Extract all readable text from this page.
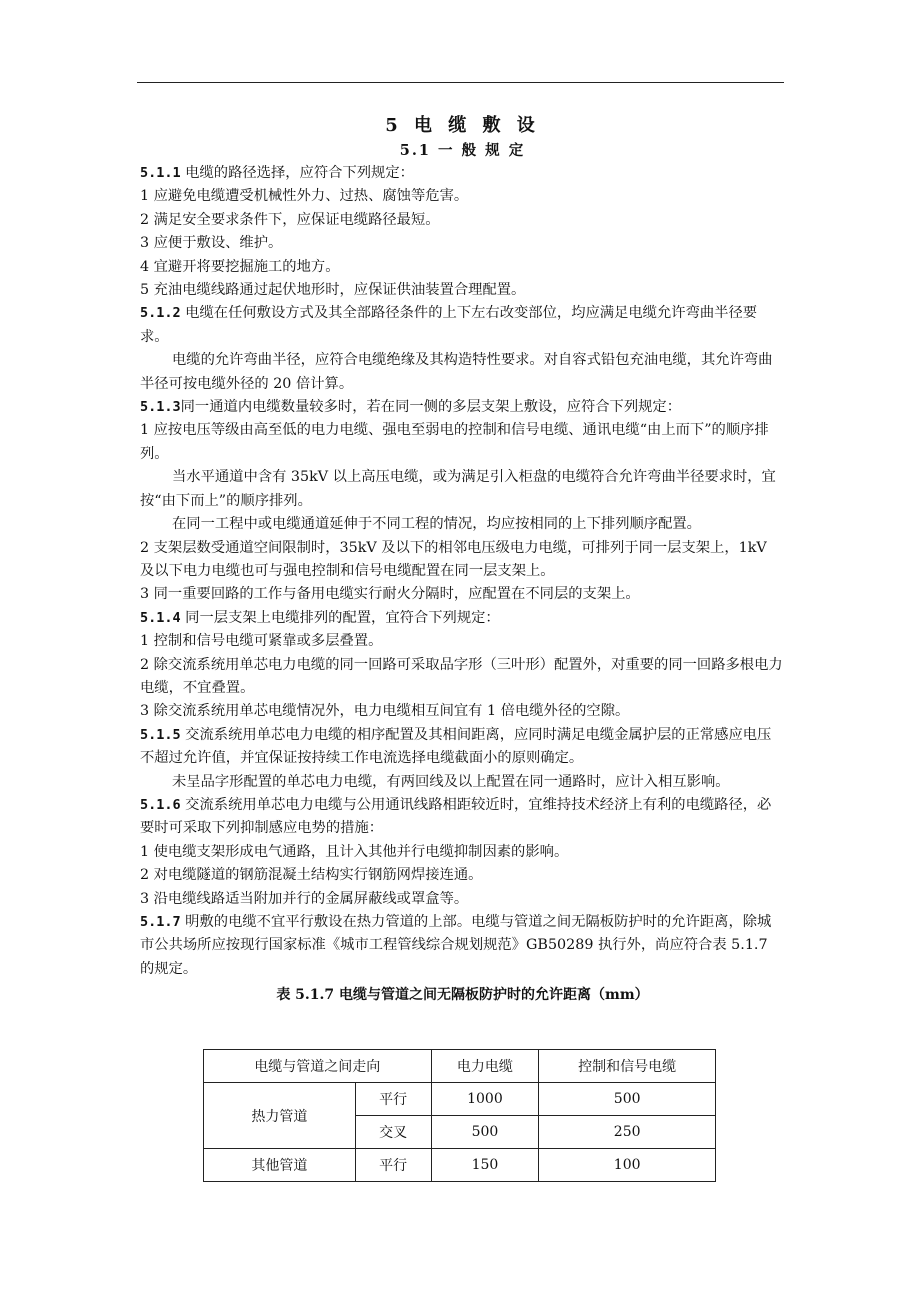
5 电 缆 敷 设
5.1 一 般 规 定

5.1.1 电缆的路径选择，应符合下列规定：

1 应避免电缆遭受机械性外力、过热、腐蚀等危害。

2 满足安全要求条件下，应保证电缆路径最短。

3 应便于敷设、维护。

4 宜避开将要挖掘施工的地方。

5 充油电缆线路通过起伏地形时，应保证供油装置合理配置。

5.1.2 电缆在任何敷设方式及其全部路径条件的上下左右改变部位，均应满足电缆允许弯曲半径要求。

电缆的允许弯曲半径，应符合电缆绝缘及其构造特性要求。对自容式铅包充油电缆，其允许弯曲半径可按电缆外径的 20 倍计算。

5.1.3同一通道内电缆数量较多时，若在同一侧的多层支架上敷设，应符合下列规定：

1 应按电压等级由高至低的电力电缆、强电至弱电的控制和信号电缆、通讯电缆“由上而下”的顺序排列。

当水平通道中含有 35kV 以上高压电缆，或为满足引入柜盘的电缆符合允许弯曲半径要求时，宜按“由下而上”的顺序排列。

在同一工程中或电缆通道延伸于不同工程的情况，均应按相同的上下排列顺序配置。

2 支架层数受通道空间限制时，35kV 及以下的相邻电压级电力电缆，可排列于同一层支架上，1kV 及以下电力电缆也可与强电控制和信号电缆配置在同一层支架上。

3 同一重要回路的工作与备用电缆实行耐火分隔时，应配置在不同层的支架上。

5.1.4 同一层支架上电缆排列的配置，宜符合下列规定：

1 控制和信号电缆可紧靠或多层叠置。

2 除交流系统用单芯电力电缆的同一回路可采取品字形（三叶形）配置外，对重要的同一回路多根电力电缆，不宜叠置。

3 除交流系统用单芯电缆情况外，电力电缆相互间宜有 1 倍电缆外径的空隙。

5.1.5 交流系统用单芯电力电缆的相序配置及其相间距离，应同时满足电缆金属护层的正常感应电压不超过允许值，并宜保证按持续工作电流选择电缆截面小的原则确定。

未呈品字形配置的单芯电力电缆，有两回线及以上配置在同一通路时，应计入相互影响。

5.1.6 交流系统用单芯电力电缆与公用通讯线路相距较近时，宜维持技术经济上有利的电缆路径，必要时可采取下列抑制感应电势的措施：

1 使电缆支架形成电气通路，且计入其他并行电缆抑制因素的影响。

2 对电缆隧道的钢筋混凝土结构实行钢筋网焊接连通。

3 沿电缆线路适当附加并行的金属屏蔽线或罩盒等。

5.1.7 明敷的电缆不宜平行敷设在热力管道的上部。电缆与管道之间无隔板防护时的允许距离，除城市公共场所应按现行国家标准《城市工程管线综合规划规范》GB50289 执行外，尚应符合表 5.1.7 的规定。

表 5.1.7 电缆与管道之间无隔板防护时的允许距离（mm）
电缆与管道之间走向		电力电缆	控制和信号电缆
热力管道	平行	1000	500
	交叉	500	250
其他管道	平行	150	100
